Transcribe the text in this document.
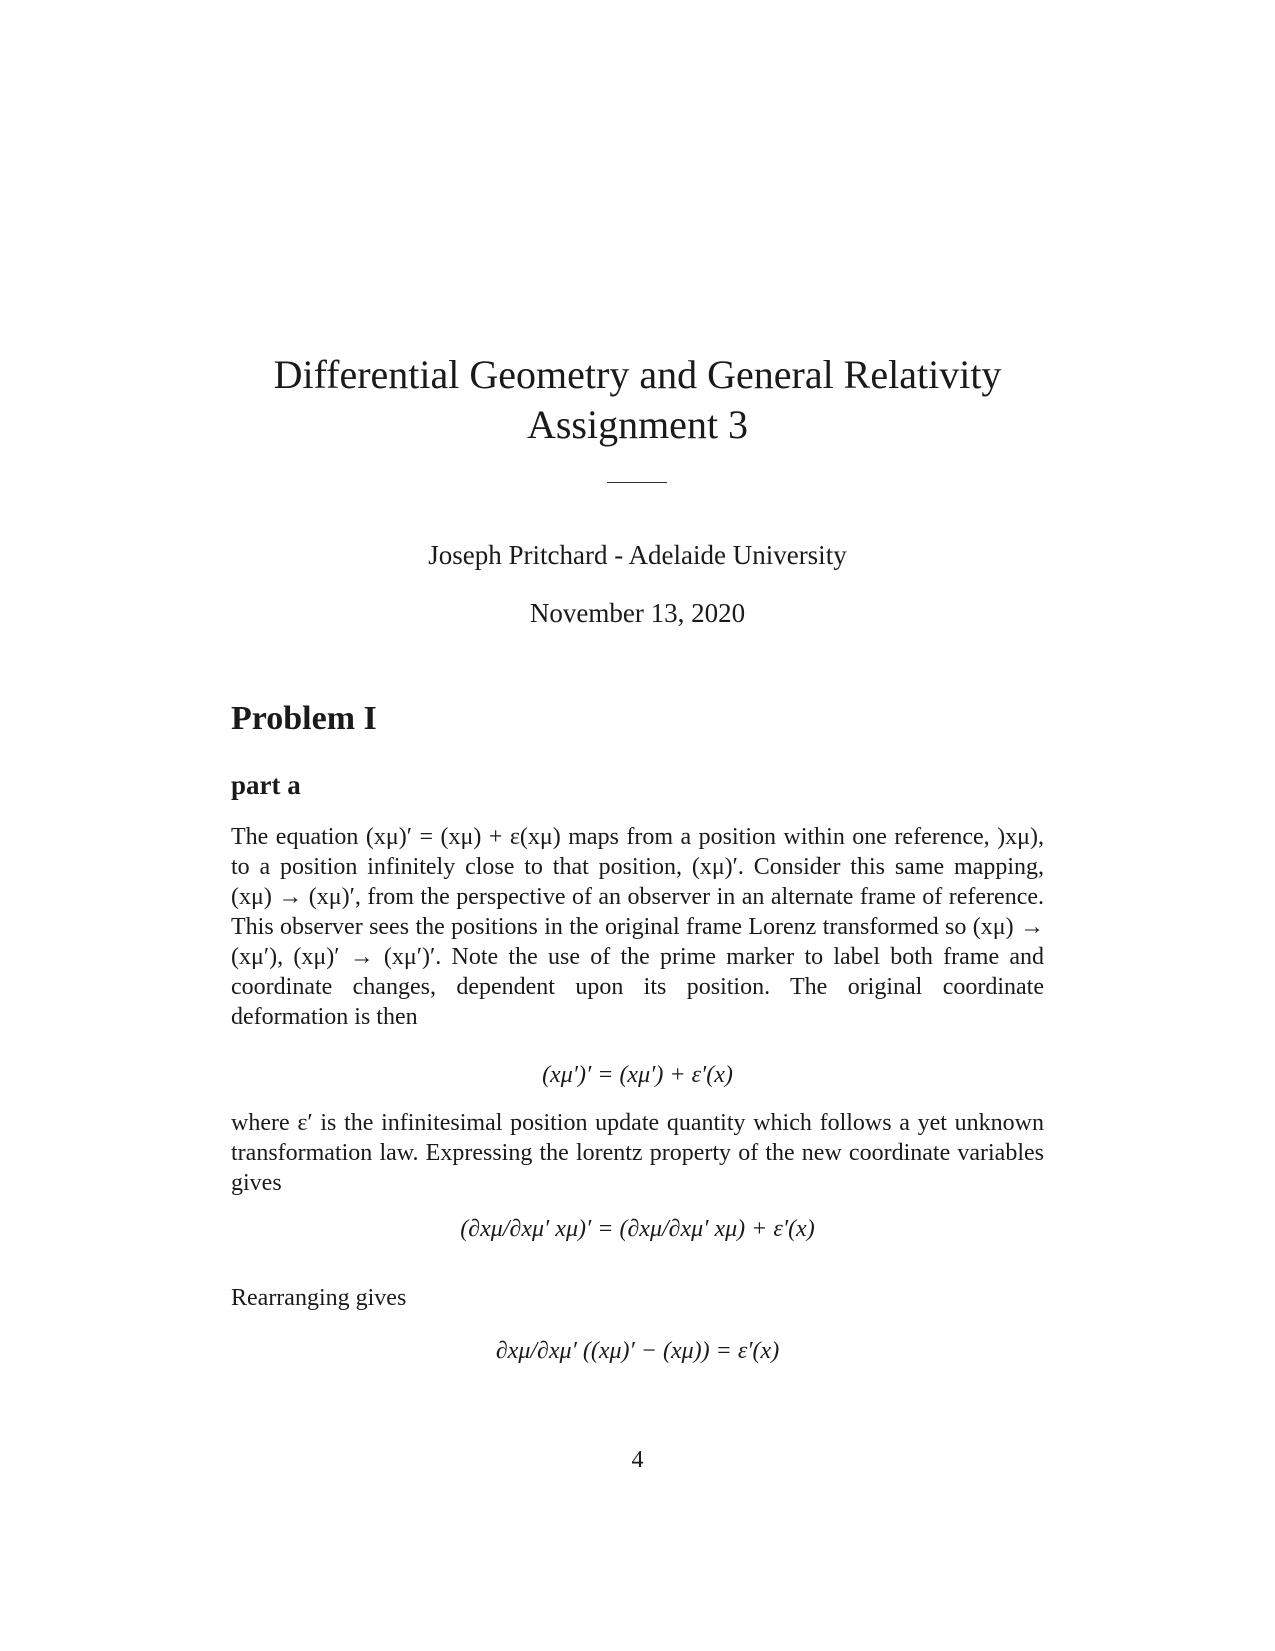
Differential Geometry and General Relativity
Assignment 3
Joseph Pritchard - Adelaide University
November 13, 2020
Problem I
part a
The equation (xμ)′ = (xμ) + ε(xμ) maps from a position within one reference, )xμ), to a position infinitely close to that position, (xμ)′. Consider this same mapping, (xμ) → (xμ)′, from the perspective of an observer in an alternate frame of reference. This observer sees the positions in the original frame Lorenz transformed so (xμ) → (xμ′), (xμ)′ → (xμ′)′. Note the use of the prime marker to label both frame and coordinate changes, dependent upon its position. The original coordinate deformation is then
(xμ′)′ = (xμ′) + ε′(x)
where ε′ is the infinitesimal position update quantity which follows a yet unknown transformation law. Expressing the lorentz property of the new coordinate variables gives
(∂xμ/∂xμ′ xμ)′ = (∂xμ/∂xμ′ xμ) + ε′(x)
Rearranging gives
∂xμ/∂xμ′ ((xμ)′ − (xμ)) = ε′(x)
4
